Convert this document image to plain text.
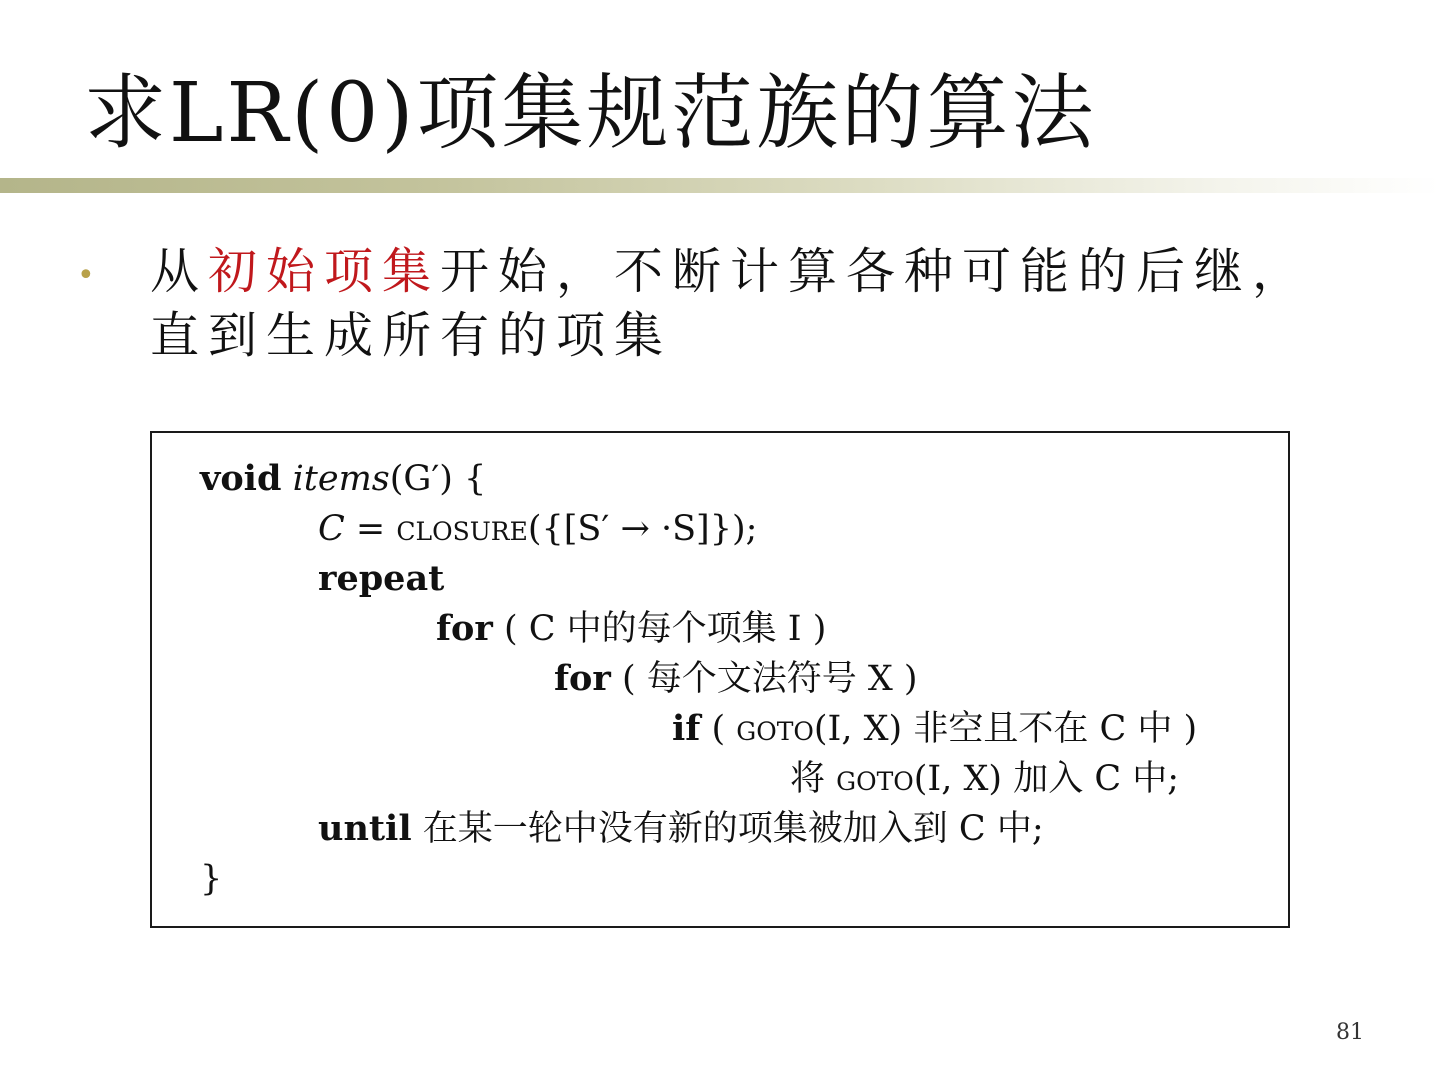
求LR(0)项集规范族的算法
• 从初始项集开始，不断计算各种可能的后继，直到生成所有的项集
void items(G′) {
C = closure({[S′ → ·S]});
repeat
for ( C 中的每个项集 I )
for ( 每个文法符号 X )
if ( goto(I, X) 非空且不在 C 中 )
将 goto(I, X) 加入 C 中;
until 在某一轮中没有新的项集被加入到 C 中;
}
81
